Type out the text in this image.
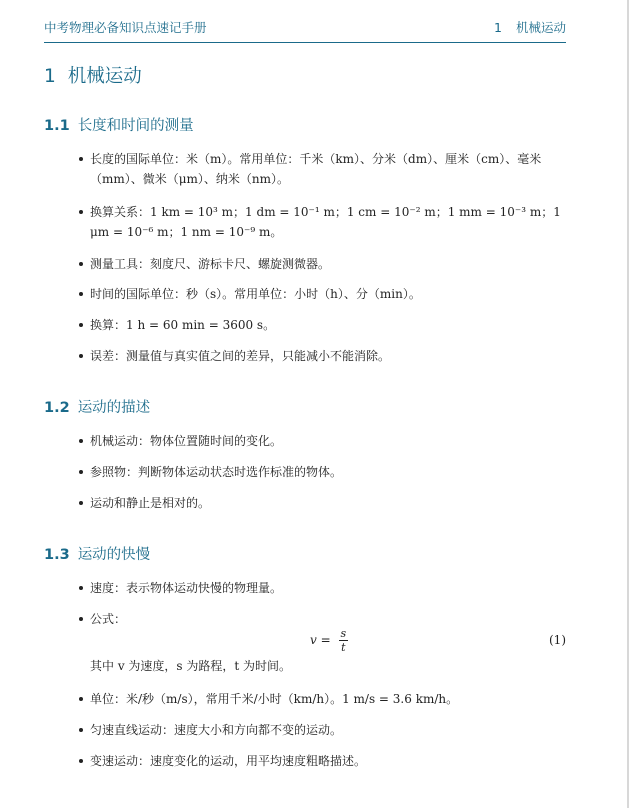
中考物理必备知识点速记手册	1 机械运动
1 机械运动
1.1 长度和时间的测量
长度的国际单位：米（m）。常用单位：千米（km）、分米（dm）、厘米（cm）、毫米（mm）、微米（μm）、纳米（nm）。
换算关系：1 km = 10³ m；1 dm = 10⁻¹ m；1 cm = 10⁻² m；1 mm = 10⁻³ m；1 μm = 10⁻⁶ m；1 nm = 10⁻⁹ m。
测量工具：刻度尺、游标卡尺、螺旋测微器。
时间的国际单位：秒（s）。常用单位：小时（h）、分（min）。
换算：1 h = 60 min = 3600 s。
误差：测量值与真实值之间的差异，只能减小不能消除。
1.2 运动的描述
机械运动：物体位置随时间的变化。
参照物：判断物体运动状态时选作标准的物体。
运动和静止是相对的。
1.3 运动的快慢
速度：表示物体运动快慢的物理量。
公式：
$v = \frac{s}{t}$	(1)
其中 v 为速度，s 为路程，t 为时间。
单位：米/秒（m/s），常用千米/小时（km/h）。1 m/s = 3.6 km/h。
匀速直线运动：速度大小和方向都不变的运动。
变速运动：速度变化的运动，用平均速度粗略描述。
